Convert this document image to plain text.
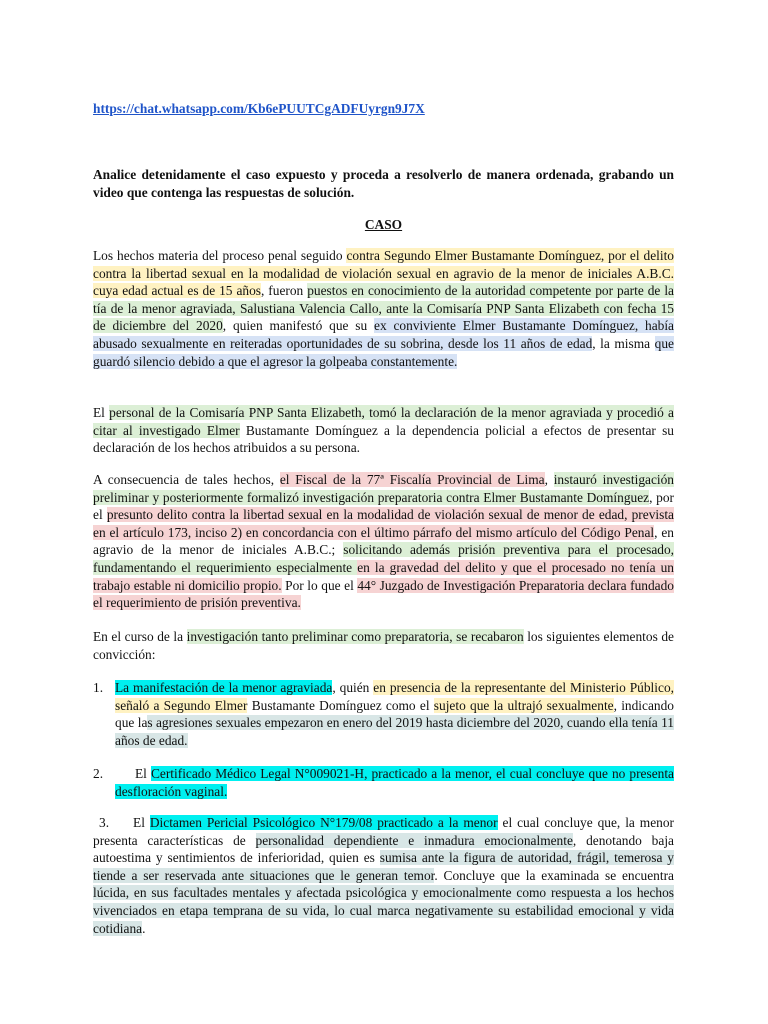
https://chat.whatsapp.com/Kb6ePUUTCgADFUyrgn9J7X
Analice detenidamente el caso expuesto y proceda a resolverlo de manera ordenada, grabando un video que contenga las respuestas de solución.
CASO
Los hechos materia del proceso penal seguido contra Segundo Elmer Bustamante Domínguez, por el delito contra la libertad sexual en la modalidad de violación sexual en agravio de la menor de iniciales A.B.C. cuya edad actual es de 15 años, fueron puestos en conocimiento de la autoridad competente por parte de la tía de la menor agraviada, Salustiana Valencia Callo, ante la Comisaría PNP Santa Elizabeth con fecha 15 de diciembre del 2020, quien manifestó que su ex conviviente Elmer Bustamante Domínguez, había abusado sexualmente en reiteradas oportunidades de su sobrina, desde los 11 años de edad, la misma que guardó silencio debido a que el agresor la golpeaba constantemente.
El personal de la Comisaría PNP Santa Elizabeth, tomó la declaración de la menor agraviada y procedió a citar al investigado Elmer Bustamante Domínguez a la dependencia policial a efectos de presentar su declaración de los hechos atribuidos a su persona.
A consecuencia de tales hechos, el Fiscal de la 77ª Fiscalía Provincial de Lima, instauró investigación preliminar y posteriormente formalizó investigación preparatoria contra Elmer Bustamante Domínguez, por el presunto delito contra la libertad sexual en la modalidad de violación sexual de menor de edad, prevista en el artículo 173, inciso 2) en concordancia con el último párrafo del mismo artículo del Código Penal, en agravio de la menor de iniciales A.B.C.; solicitando además prisión preventiva para el procesado, fundamentando el requerimiento especialmente en la gravedad del delito y que el procesado no tenía un trabajo estable ni domicilio propio. Por lo que el 44° Juzgado de Investigación Preparatoria declara fundado el requerimiento de prisión preventiva.
En el curso de la investigación tanto preliminar como preparatoria, se recabaron los siguientes elementos de convicción:
1. La manifestación de la menor agraviada, quién en presencia de la representante del Ministerio Público, señaló a Segundo Elmer Bustamante Domínguez como el sujeto que la ultrajó sexualmente, indicando que las agresiones sexuales empezaron en enero del 2019 hasta diciembre del 2020, cuando ella tenía 11 años de edad.
2.	El Certificado Médico Legal N°009021-H, practicado a la menor, el cual concluye que no presenta desfloración vaginal.
3. El Dictamen Pericial Psicológico N°179/08 practicado a la menor el cual concluye que, la menor presenta características de personalidad dependiente e inmadura emocionalmente, denotando baja autoestima y sentimientos de inferioridad, quien es sumisa ante la figura de autoridad, frágil, temerosa y tiende a ser reservada ante situaciones que le generan temor. Concluye que la examinada se encuentra lúcida, en sus facultades mentales y afectada psicológica y emocionalmente como respuesta a los hechos vivenciados en etapa temprana de su vida, lo cual marca negativamente su estabilidad emocional y vida cotidiana.
